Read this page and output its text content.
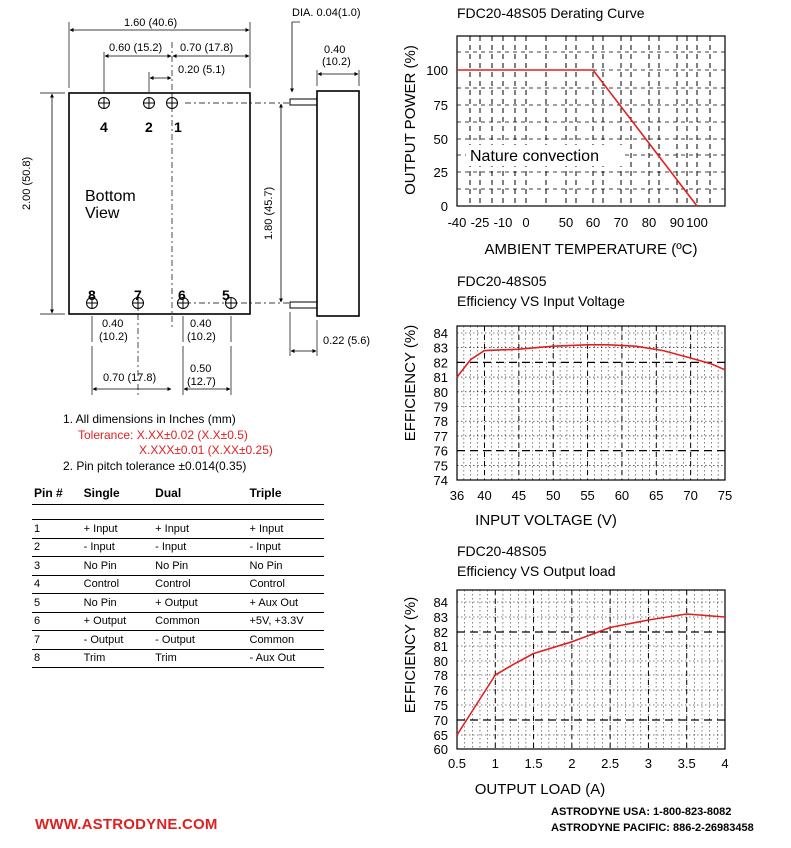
1.60 (40.6)
0.60 (15.2) 0.70 (17.8)
0.20 (5.1)
DIA. 0.04(1.0)
0.40
(10.2)
2.00 (50.8)
1.80 (45.7)
Bottom
View
4	2 1
8	7	6	5
0.40
(10.2)
0.40
(10.2)	0.22 (5.6)
0.50
(12.7)
0.70 (17.8)
1. All dimensions in Inches (mm)
Tolerance: X.XX±0.02 (X.X±0.5)
X.XXX±0.01 (X.XX±0.25)
2. Pin pitch tolerance ±0.014(0.35)
Pin #	Single	Dual	Triple
1	+ Input	+ Input	+ Input
2	- Input	- Input	- Input
3	No Pin	No Pin	No Pin
4	Control	Control	Control
5	No Pin	+ Output	+ Aux Out
6	+ Output	Common	+5V, +3.3V
7	- Output	- Output	Common
8	Trim	Trim	- Aux Out
FDC20-48S05 Derating Curve
0
25
50
75
100
-40 -25 -10 0 50 60 70 80 90 100
AMBIENT TEMPERATURE (ºC)
OUTPUT POWER (%)	Nature convection
FDC20-48S05
Efficiency VS Input Voltage
74
75
76
77
78
79
80
81
82
83
84
36 40 45 50 55 60 65 70 75
INPUT VOLTAGE (V)
EFFICIENCY (%)
FDC20-48S05
Efficiency VS Output load
60
65
70
75
76
78
80
81
82
83
84
0.5 1 1.5 2 2.5 3 3.5 4
OUTPUT LOAD (A)
EFFICIENCY (%)
WWW.ASTRODYNE.COM
ASTRODYNE USA: 1-800-823-8082
ASTRODYNE PACIFIC: 886-2-26983458
